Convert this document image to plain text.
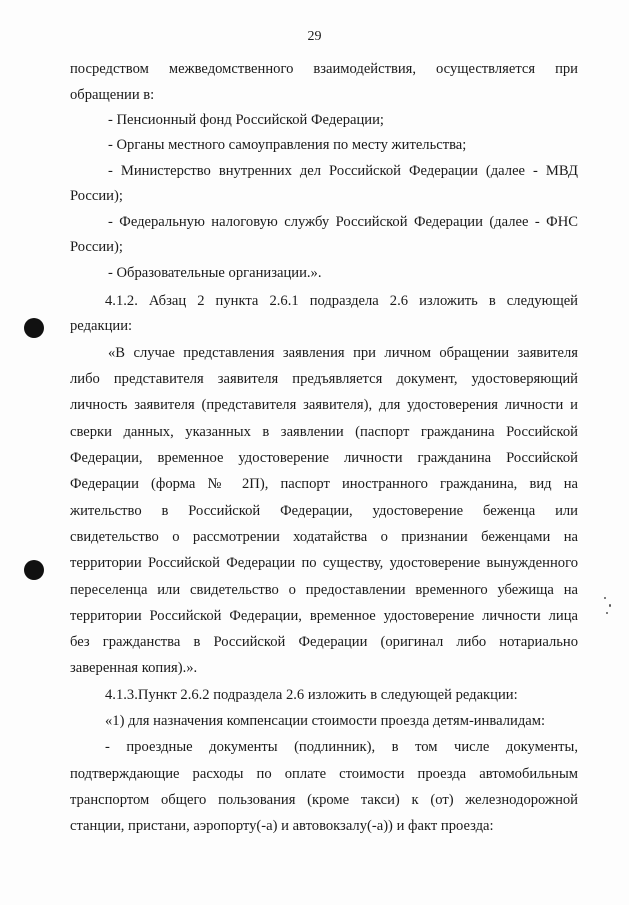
29
посредством межведомственного взаимодействия, осуществляется при
обращении в:
- Пенсионный фонд Российской Федерации;
- Органы местного самоуправления по месту жительства;
- Министерство внутренних дел Российской Федерации (далее - МВД
России);
- Федеральную налоговую службу Российской Федерации (далее - ФНС
России);
- Образовательные организации.».
4.1.2. Абзац 2 пункта 2.6.1 подраздела 2.6 изложить в следующей
редакции:
«В случае представления заявления при личном обращении заявителя
либо представителя заявителя предъявляется документ, удостоверяющий
личность заявителя (представителя заявителя), для удостоверения личности и
сверки данных, указанных в заявлении (паспорт гражданина Российской
Федерации, временное удостоверение личности гражданина Российской
Федерации (форма № 2П), паспорт иностранного гражданина, вид на
жительство в Российской Федерации, удостоверение беженца или
свидетельство о рассмотрении ходатайства о признании беженцами на
территории Российской Федерации по существу, удостоверение вынужденного
переселенца или свидетельство о предоставлении временного убежища на
территории Российской Федерации, временное удостоверение личности лица
без гражданства в Российской Федерации (оригинал либо нотариально
заверенная копия).».
4.1.3.Пункт 2.6.2 подраздела 2.6 изложить в следующей редакции:
«1) для назначения компенсации стоимости проезда детям-инвалидам:
- проездные документы (подлинник), в том числе документы,
подтверждающие расходы по оплате стоимости проезда автомобильным
транспортом общего пользования (кроме такси) к (от) железнодорожной
станции, пристани, аэропорту(-а) и автовокзалу(-а)) и факт проезда:
